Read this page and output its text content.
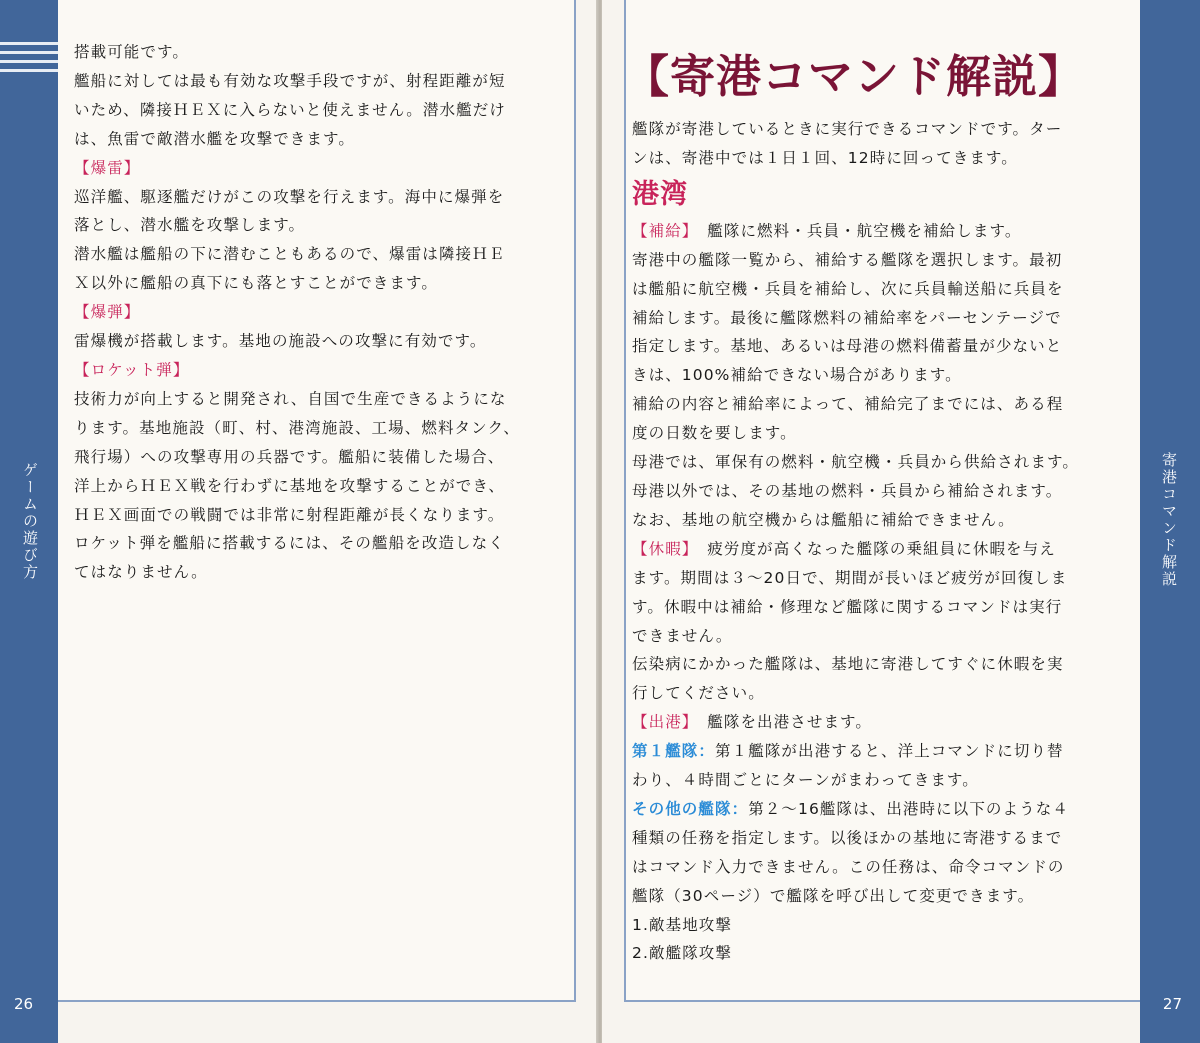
ゲームの遊び方
26

搭載可能です。

艦船に対しては最も有効な攻撃手段ですが、射程距離が短

いため、隣接ＨＥＸに入らないと使えません。潜水艦だけ

は、魚雷で敵潜水艦を攻撃できます。

【爆雷】

巡洋艦、駆逐艦だけがこの攻撃を行えます。海中に爆弾を

落とし、潜水艦を攻撃します。

潜水艦は艦船の下に潜むこともあるので、爆雷は隣接ＨＥ

Ｘ以外に艦船の真下にも落とすことができます。

【爆弾】

雷爆機が搭載します。基地の施設への攻撃に有効です。

【ロケット弾】

技術力が向上すると開発され、自国で生産できるようにな

ります。基地施設（町、村、港湾施設、工場、燃料タンク、

飛行場）への攻撃専用の兵器です。艦船に装備した場合、

洋上からＨＥＸ戦を行わずに基地を攻撃することができ、

ＨＥＸ画面での戦闘では非常に射程距離が長くなります。

ロケット弾を艦船に搭載するには、その艦船を改造しなく

てはなりません。	寄港コマンド解説
27
【寄港コマンド解説】

艦隊が寄港しているときに実行できるコマンドです。ター

ンは、寄港中では１日１回、12時に回ってきます。

港湾

【補給】　艦隊に燃料・兵員・航空機を補給します。

寄港中の艦隊一覧から、補給する艦隊を選択します。最初

は艦船に航空機・兵員を補給し、次に兵員輸送船に兵員を

補給します。最後に艦隊燃料の補給率をパーセンテージで

指定します。基地、あるいは母港の燃料備蓄量が少ないと

きは、100%補給できない場合があります。

補給の内容と補給率によって、補給完了までには、ある程

度の日数を要します。

母港では、軍保有の燃料・航空機・兵員から供給されます。

母港以外では、その基地の燃料・兵員から補給されます。

なお、基地の航空機からは艦船に補給できません。

【休暇】　疲労度が高くなった艦隊の乗組員に休暇を与え

ます。期間は３～20日で、期間が長いほど疲労が回復しま

す。休暇中は補給・修理など艦隊に関するコマンドは実行

できません。

伝染病にかかった艦隊は、基地に寄港してすぐに休暇を実

行してください。

【出港】　艦隊を出港させます。

第１艦隊：第１艦隊が出港すると、洋上コマンドに切り替

わり、４時間ごとにターンがまわってきます。

その他の艦隊：第２～16艦隊は、出港時に以下のような４

種類の任務を指定します。以後ほかの基地に寄港するまで

はコマンド入力できません。この任務は、命令コマンドの

艦隊（30ページ）で艦隊を呼び出して変更できます。

1.敵基地攻撃

2.敵艦隊攻撃
